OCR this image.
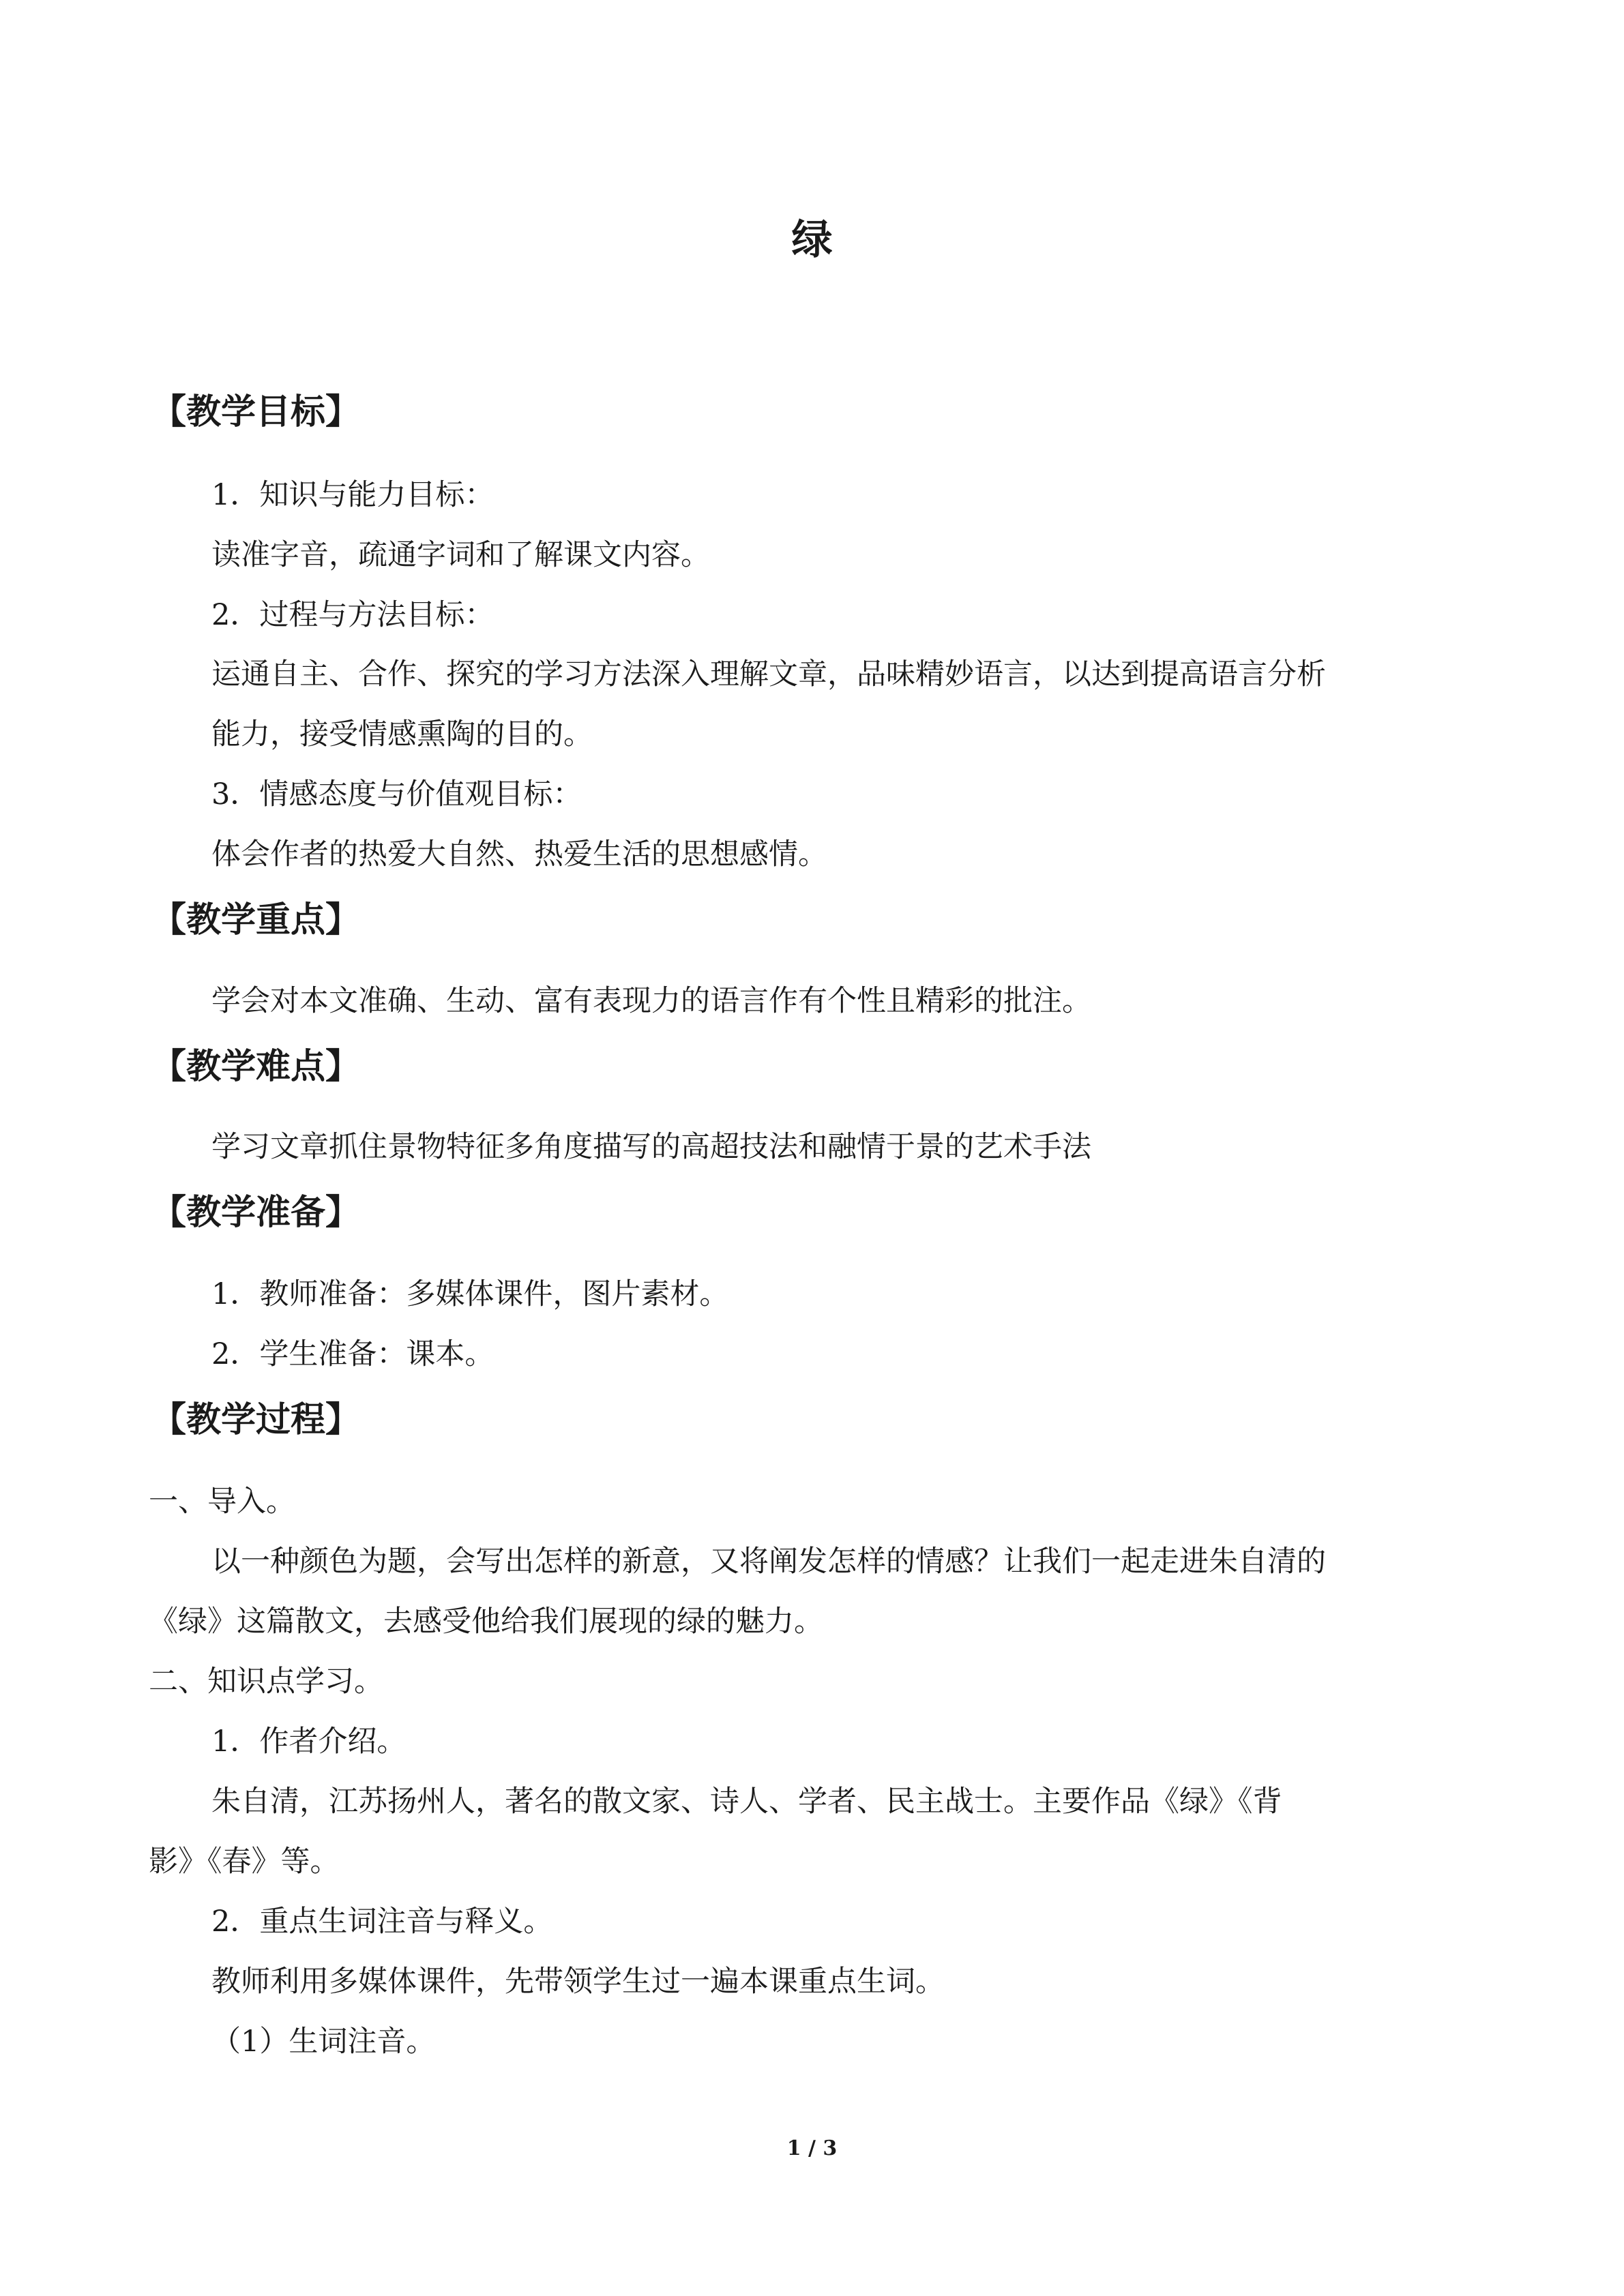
绿
【教学目标】
1．知识与能力目标：
读准字音，疏通字词和了解课文内容。
2．过程与方法目标：
运通自主、合作、探究的学习方法深入理解文章，品味精妙语言，以达到提高语言分析
能力，接受情感熏陶的目的。
3．情感态度与价值观目标：
体会作者的热爱大自然、热爱生活的思想感情。
【教学重点】
学会对本文准确、生动、富有表现力的语言作有个性且精彩的批注。
【教学难点】
学习文章抓住景物特征多角度描写的高超技法和融情于景的艺术手法
【教学准备】
1．教师准备：多媒体课件，图片素材。
2．学生准备：课本。
【教学过程】
一、导入。
以一种颜色为题，会写出怎样的新意，又将阐发怎样的情感？让我们一起走进朱自清的
《绿》这篇散文，去感受他给我们展现的绿的魅力。
二、知识点学习。
1．作者介绍。
朱自清，江苏扬州人，著名的散文家、诗人、学者、民主战士。主要作品《绿》《背
影》《春》等。
2．重点生词注音与释义。
教师利用多媒体课件，先带领学生过一遍本课重点生词。
（1）生词注音。
1 / 3
